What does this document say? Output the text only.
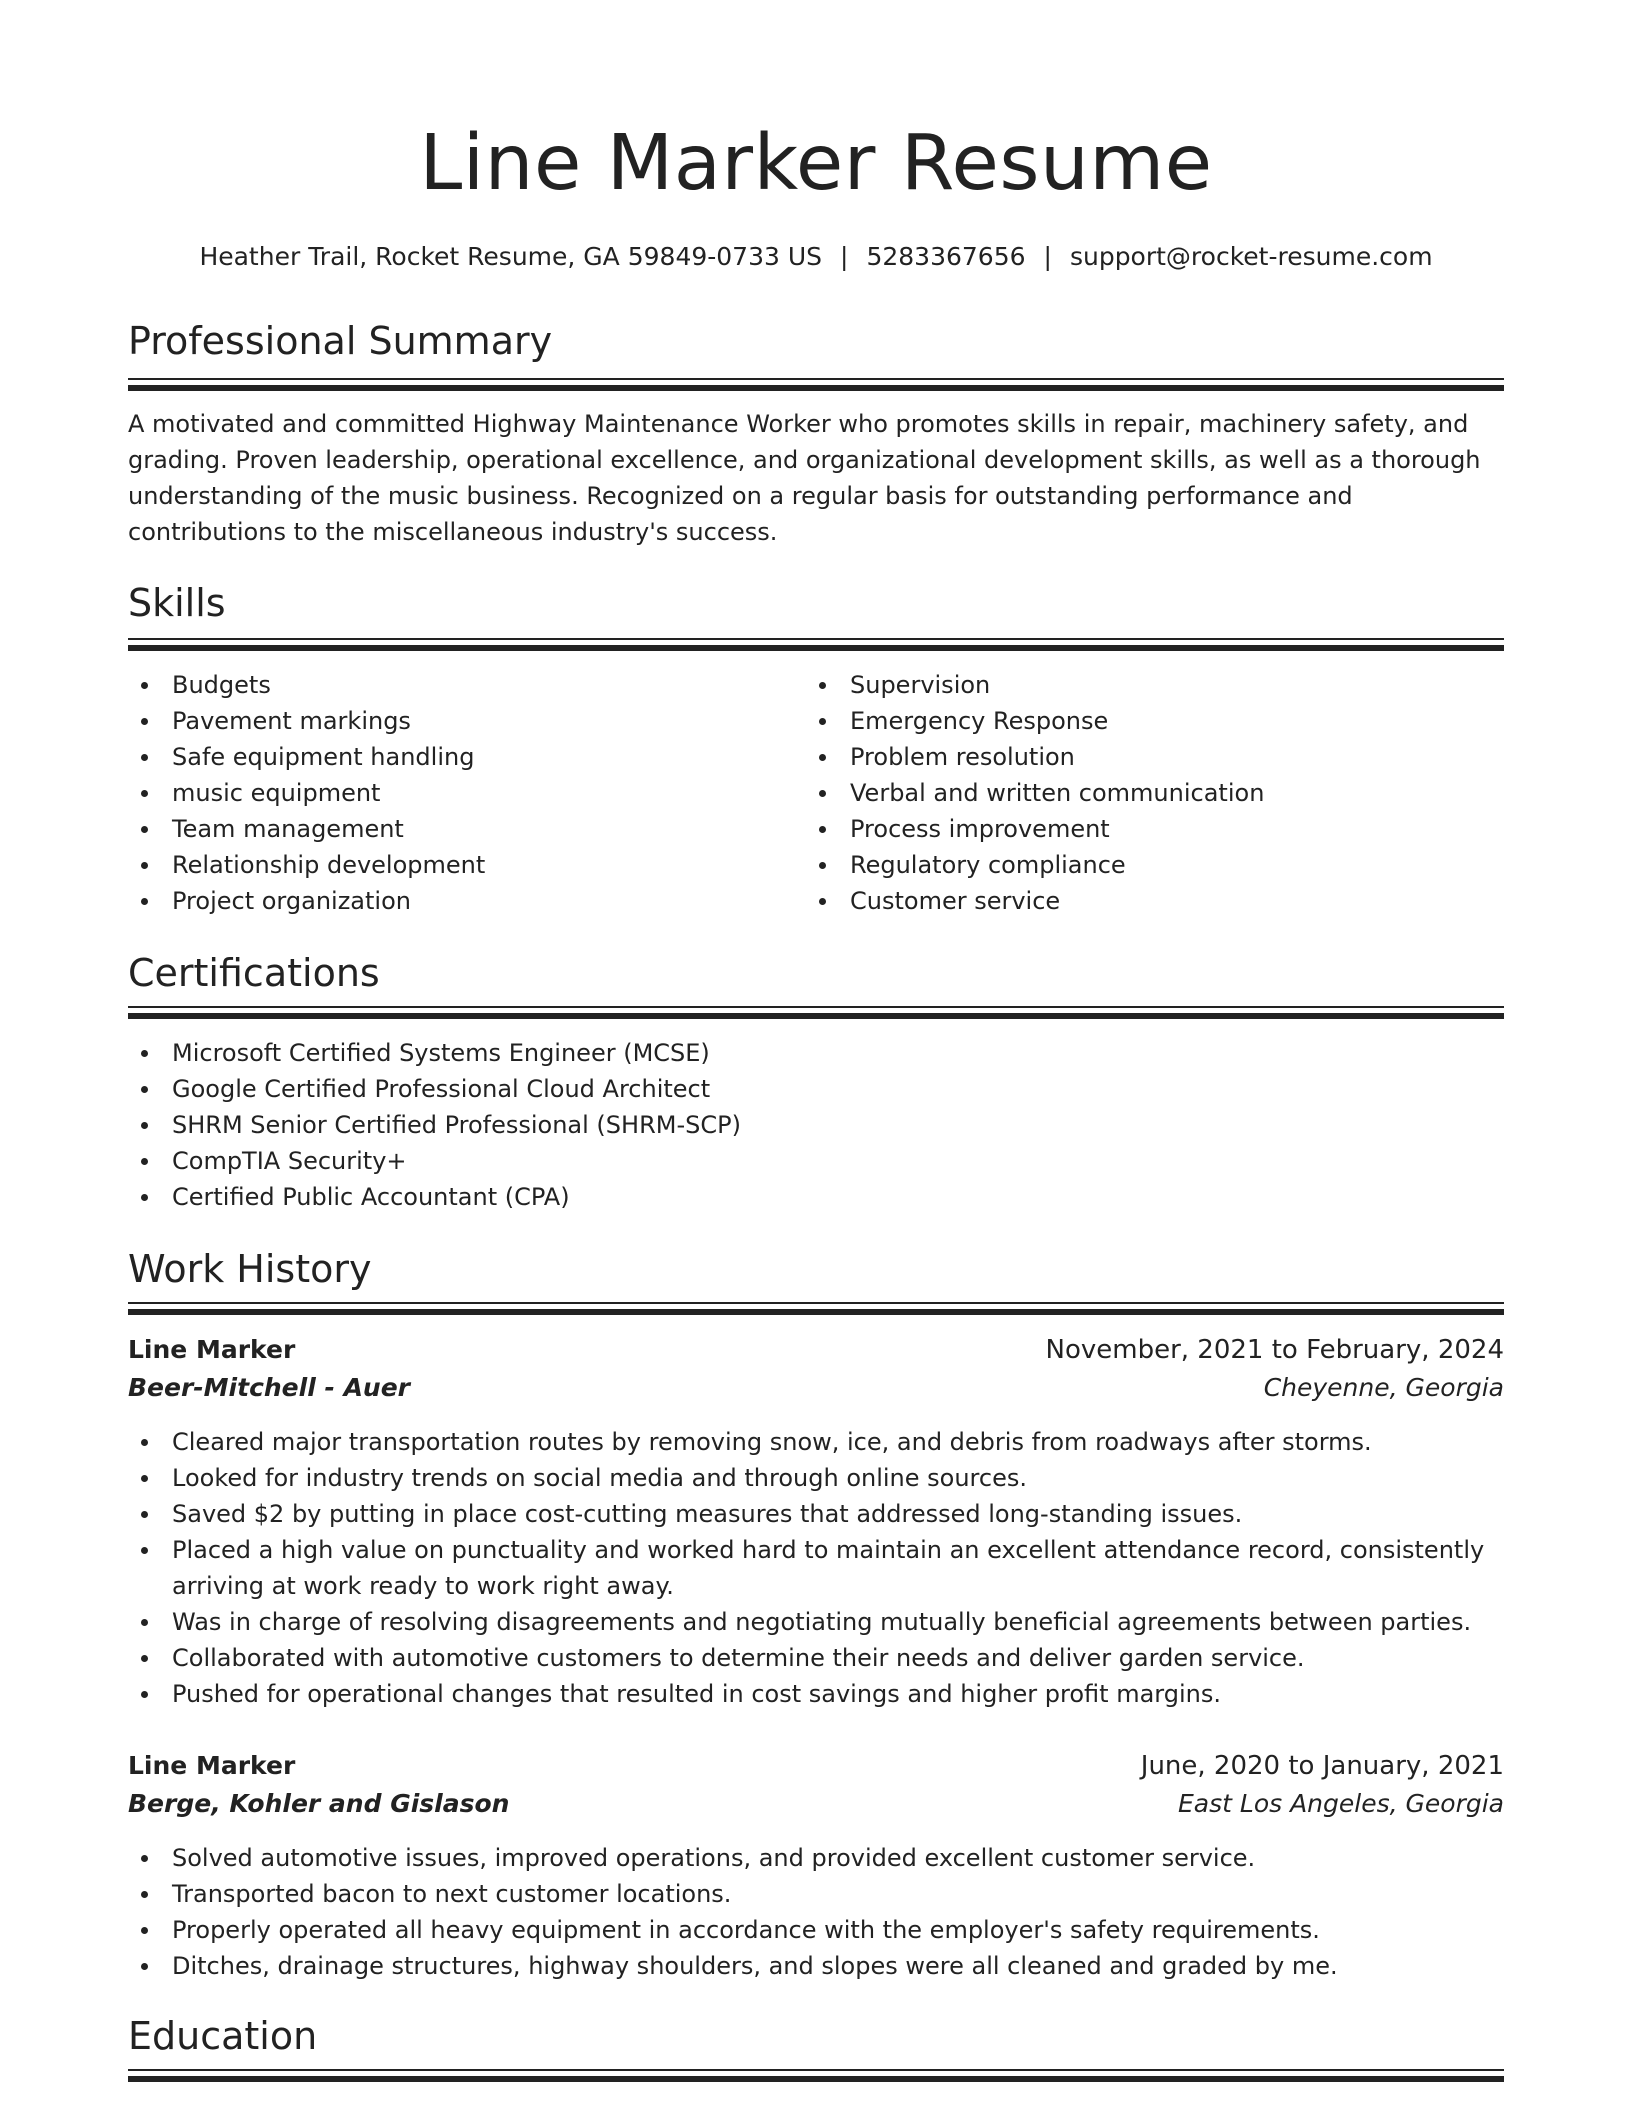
Line Marker Resume
Heather Trail, Rocket Resume, GA 59849-0733 US | 5283367656 | support@rocket-resume.com
Professional Summary
A motivated and committed Highway Maintenance Worker who promotes skills in repair, machinery safety, and grading. Proven leadership, operational excellence, and organizational development skills, as well as a thorough understanding of the music business. Recognized on a regular basis for outstanding performance and contributions to the miscellaneous industry's success.
Skills
Budgets
Pavement markings
Safe equipment handling
music equipment
Team management
Relationship development
Project organization
Supervision
Emergency Response
Problem resolution
Verbal and written communication
Process improvement
Regulatory compliance
Customer service
Certifications
Microsoft Certified Systems Engineer (MCSE)
Google Certified Professional Cloud Architect
SHRM Senior Certified Professional (SHRM-SCP)
CompTIA Security+
Certified Public Accountant (CPA)
Work History
Line Marker	November, 2021 to February, 2024
Beer-Mitchell - Auer	Cheyenne, Georgia
Cleared major transportation routes by removing snow, ice, and debris from roadways after storms.
Looked for industry trends on social media and through online sources.
Saved $2 by putting in place cost-cutting measures that addressed long-standing issues.
Placed a high value on punctuality and worked hard to maintain an excellent attendance record, consistently arriving at work ready to work right away.
Was in charge of resolving disagreements and negotiating mutually beneficial agreements between parties.
Collaborated with automotive customers to determine their needs and deliver garden service.
Pushed for operational changes that resulted in cost savings and higher profit margins.
Line Marker	June, 2020 to January, 2021
Berge, Kohler and Gislason	East Los Angeles, Georgia
Solved automotive issues, improved operations, and provided excellent customer service.
Transported bacon to next customer locations.
Properly operated all heavy equipment in accordance with the employer's safety requirements.
Ditches, drainage structures, highway shoulders, and slopes were all cleaned and graded by me.
Education
